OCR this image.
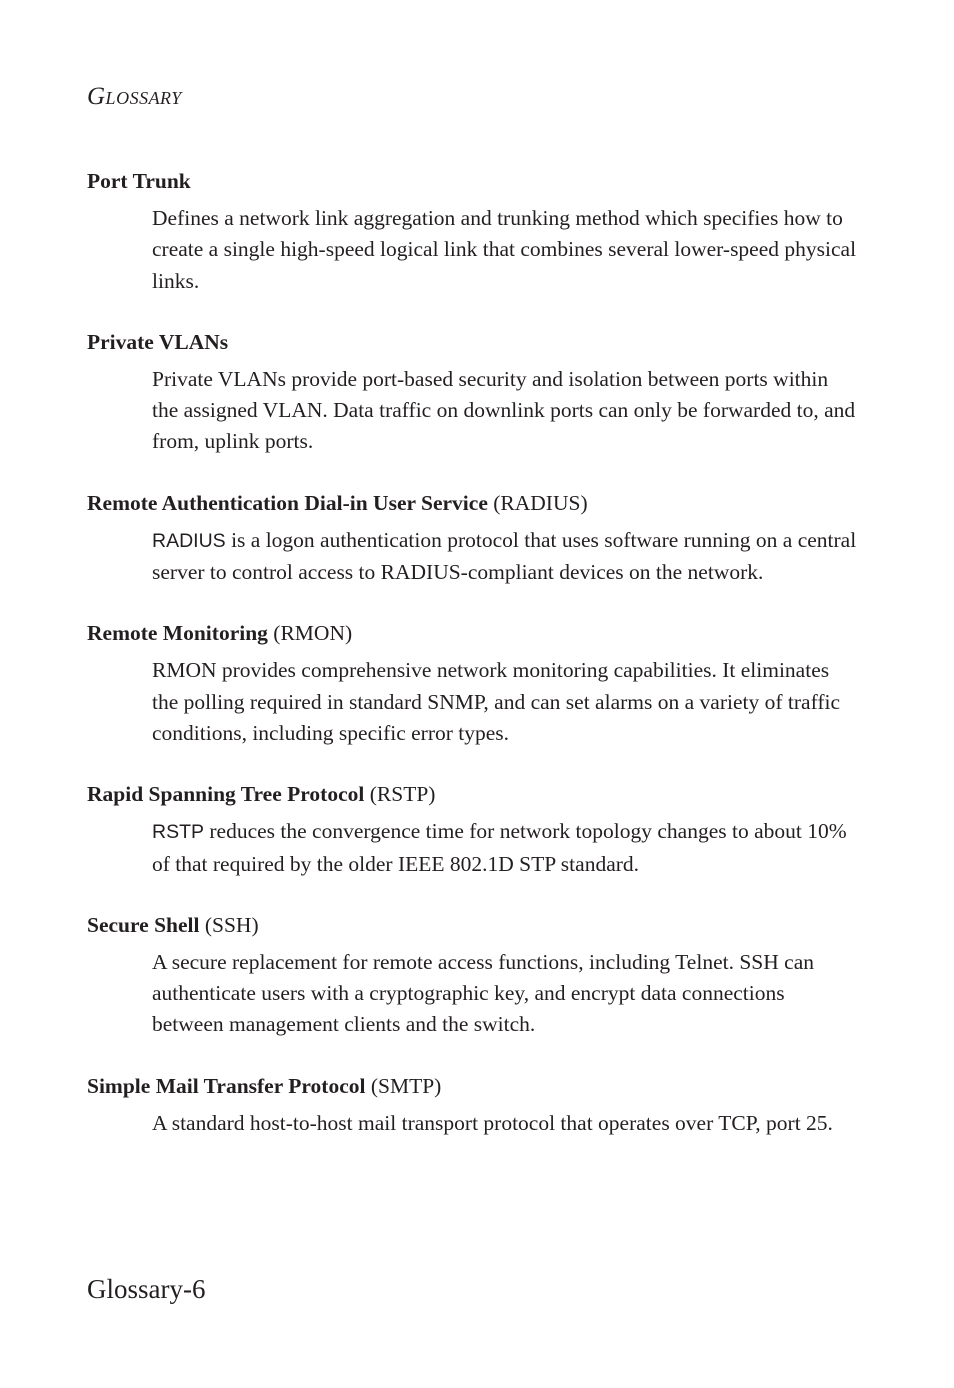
Glossary
Port Trunk
Defines a network link aggregation and trunking method which specifies how to create a single high-speed logical link that combines several lower-speed physical links.
Private VLANs
Private VLANs provide port-based security and isolation between ports within the assigned VLAN. Data traffic on downlink ports can only be forwarded to, and from, uplink ports.
Remote Authentication Dial-in User Service (RADIUS)
RADIUS is a logon authentication protocol that uses software running on a central server to control access to RADIUS-compliant devices on the network.
Remote Monitoring (RMON)
RMON provides comprehensive network monitoring capabilities. It eliminates the polling required in standard SNMP, and can set alarms on a variety of traffic conditions, including specific error types.
Rapid Spanning Tree Protocol (RSTP)
RSTP reduces the convergence time for network topology changes to about 10% of that required by the older IEEE 802.1D STP standard.
Secure Shell (SSH)
A secure replacement for remote access functions, including Telnet. SSH can authenticate users with a cryptographic key, and encrypt data connections between management clients and the switch.
Simple Mail Transfer Protocol (SMTP)
A standard host-to-host mail transport protocol that operates over TCP, port 25.
Glossary-6
